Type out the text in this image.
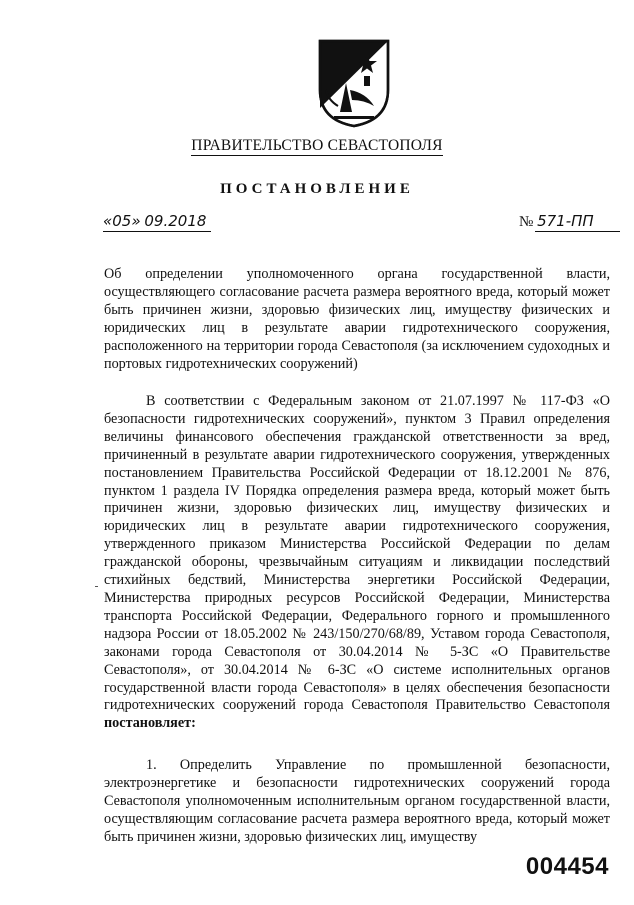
ПРАВИТЕЛЬСТВО СЕВАСТОПОЛЯ
ПОСТАНОВЛЕНИЕ
«05» 09.2018	№ 571-ПП
Об определении уполномоченного органа государственной власти, осуществляющего согласование расчета размера вероятного вреда, который может быть причинен жизни, здоровью физических лиц, имуществу физических и юридических лиц в результате аварии гидротехнического сооружения, расположенного на территории города Севастополя (за исключением судоходных и портовых гидротехнических сооружений)
В соответствии с Федеральным законом от 21.07.1997 № 117-ФЗ «О безопасности гидротехнических сооружений», пунктом 3 Правил определения величины финансового обеспечения гражданской ответственности за вред, причиненный в результате аварии гидротехнического сооружения, утвержденных постановлением Правительства Российской Федерации от 18.12.2001 № 876, пунктом 1 раздела IV Порядка определения размера вреда, который может быть причинен жизни, здоровью физических лиц, имуществу физических и юридических лиц в результате аварии гидротехнического сооружения, утвержденного приказом Министерства Российской Федерации по делам гражданской обороны, чрезвычайным ситуациям и ликвидации последствий стихийных бедствий, Министерства энергетики Российской Федерации, Министерства природных ресурсов Российской Федерации, Министерства транспорта Российской Федерации, Федерального горного и промышленного надзора России от 18.05.2002 № 243/150/270/68/89, Уставом города Севастополя, законами города Севастополя от 30.04.2014 № 5-ЗС «О Правительстве Севастополя», от 30.04.2014 № 6-ЗС «О системе исполнительных органов государственной власти города Севастополя» в целях обеспечения безопасности гидротехнических сооружений города Севастополя Правительство Севастополя постановляет:
1. Определить Управление по промышленной безопасности, электроэнергетике и безопасности гидротехнических сооружений города Севастополя уполномоченным исполнительным органом государственной власти, осуществляющим согласование расчета размера вероятного вреда, который может быть причинен жизни, здоровью физических лиц, имуществу
004454
